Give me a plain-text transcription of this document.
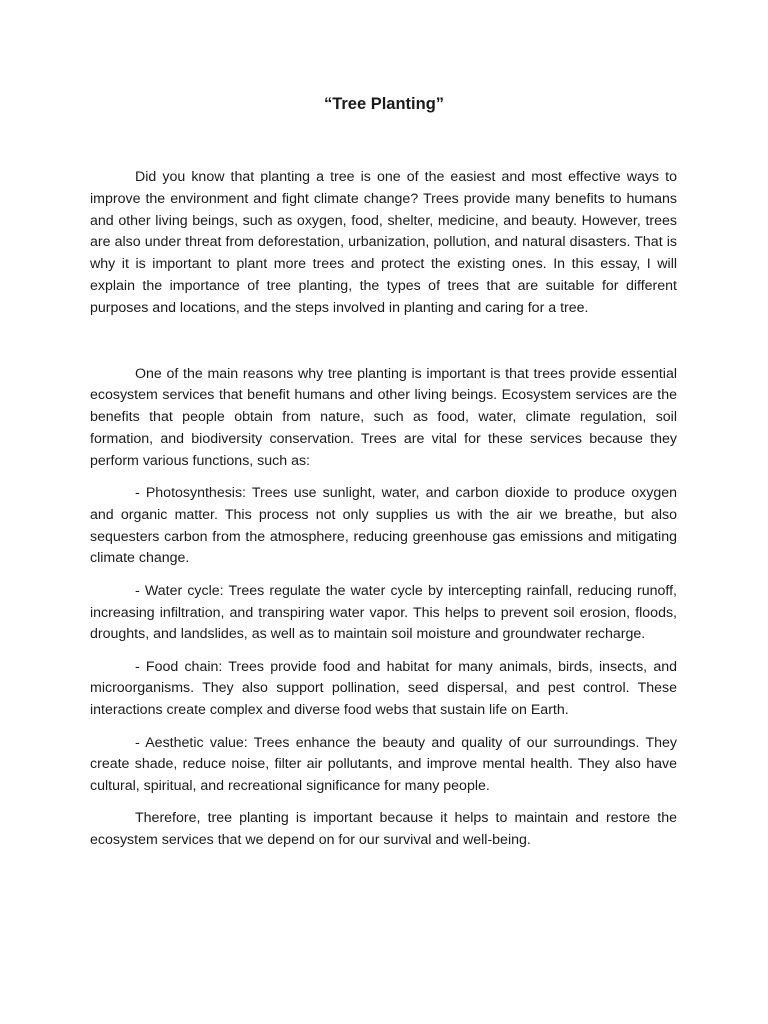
“Tree Planting”

Did you know that planting a tree is one of the easiest and most effective ways to improve the environment and fight climate change? Trees provide many benefits to humans and other living beings, such as oxygen, food, shelter, medicine, and beauty. However, trees are also under threat from deforestation, urbanization, pollution, and natural disasters. That is why it is important to plant more trees and protect the existing ones. In this essay, I will explain the importance of tree planting, the types of trees that are suitable for different purposes and locations, and the steps involved in planting and caring for a tree.

One of the main reasons why tree planting is important is that trees provide essential ecosystem services that benefit humans and other living beings. Ecosystem services are the benefits that people obtain from nature, such as food, water, climate regulation, soil formation, and biodiversity conservation. Trees are vital for these services because they perform various functions, such as:

- Photosynthesis: Trees use sunlight, water, and carbon dioxide to produce oxygen and organic matter. This process not only supplies us with the air we breathe, but also sequesters carbon from the atmosphere, reducing greenhouse gas emissions and mitigating climate change.

- Water cycle: Trees regulate the water cycle by intercepting rainfall, reducing runoff, increasing infiltration, and transpiring water vapor. This helps to prevent soil erosion, floods, droughts, and landslides, as well as to maintain soil moisture and groundwater recharge.

- Food chain: Trees provide food and habitat for many animals, birds, insects, and microorganisms. They also support pollination, seed dispersal, and pest control. These interactions create complex and diverse food webs that sustain life on Earth.

- Aesthetic value: Trees enhance the beauty and quality of our surroundings. They create shade, reduce noise, filter air pollutants, and improve mental health. They also have cultural, spiritual, and recreational significance for many people.

Therefore, tree planting is important because it helps to maintain and restore the ecosystem services that we depend on for our survival and well-being.
